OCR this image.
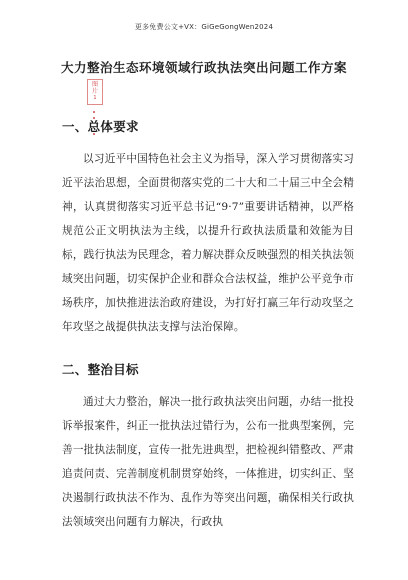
更多免费公文+VX：GiGeGongWen2024
大力整治生态环境领域行政执法突出问题工作方案
图
片
1
一、总体要求
以习近平中国特色社会主义为指导，深入学习贯彻落实习近平法治思想，全面贯彻落实党的二十大和二十届三中全会精神，认真贯彻落实习近平总书记“9·7”重要讲话精神，以严格规范公正文明执法为主线，以提升行政执法质量和效能为目标，践行执法为民理念，着力解决群众反映强烈的相关执法领域突出问题，切实保护企业和群众合法权益，维护公平竞争市场秩序，加快推进法治政府建设，为打好打赢三年行动攻坚之年攻坚之战提供执法支撑与法治保障。
二、整治目标
通过大力整治，解决一批行政执法突出问题，办结一批投诉举报案件，纠正一批执法过错行为，公布一批典型案例，完善一批执法制度，宣传一批先进典型，把检视纠错整改、严肃追责问责、完善制度机制贯穿始终，一体推进，切实纠正、坚决遏制行政执法不作为、乱作为等突出问题，确保相关行政执法领域突出问题有力解决，行政执
